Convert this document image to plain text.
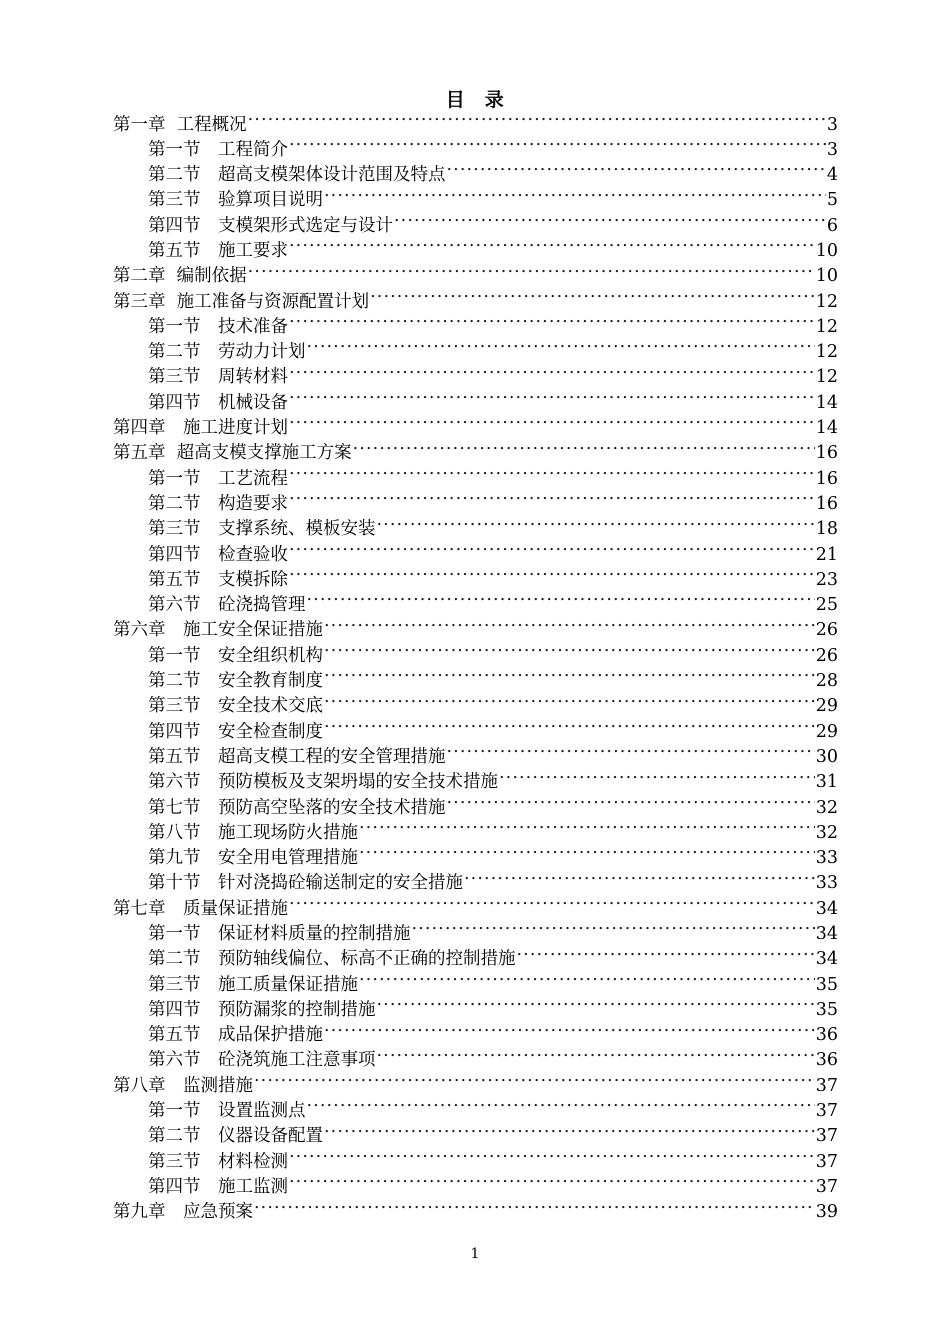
目　录
第一章  工程概况 .....	3
第一节　工程简介 .....	3
第二节　超高支模架体设计范围及特点 .....	4
第三节　验算项目说明 .....	5
第四节　支模架形式选定与设计 .....	6
第五节　施工要求 .....	10
第二章  编制依据 .....	10
第三章  施工准备与资源配置计划 .....	12
第一节　技术准备 .....	12
第二节　劳动力计划 .....	12
第三节　周转材料 .....	12
第四节　机械设备 .....	14
第四章　施工进度计划 .....	14
第五章  超高支模支撑施工方案 .....	16
第一节　工艺流程 .....	16
第二节　构造要求 .....	16
第三节　支撑系统、模板安装 .....	18
第四节　检查验收 .....	21
第五节　支模拆除 .....	23
第六节　砼浇捣管理 .....	25
第六章　施工安全保证措施 .....	26
第一节　安全组织机构 .....	26
第二节　安全教育制度 .....	28
第三节　安全技术交底 .....	29
第四节　安全检查制度 .....	29
第五节　超高支模工程的安全管理措施 .....	30
第六节　预防模板及支架坍塌的安全技术措施 .....	31
第七节　预防高空坠落的安全技术措施 .....	32
第八节　施工现场防火措施 .....	32
第九节　安全用电管理措施 .....	33
第十节　针对浇捣砼输送制定的安全措施 .....	33
第七章　质量保证措施 .....	34
第一节　保证材料质量的控制措施 .....	34
第二节　预防轴线偏位、标高不正确的控制措施 .....	34
第三节　施工质量保证措施 .....	35
第四节　预防漏浆的控制措施 .....	35
第五节　成品保护措施 .....	36
第六节　砼浇筑施工注意事项 .....	36
第八章　监测措施 .....	37
第一节　设置监测点 .....	37
第二节　仪器设备配置 .....	37
第三节　材料检测 .....	37
第四节　施工监测 .....	37
第九章　应急预案 .....	39
1
